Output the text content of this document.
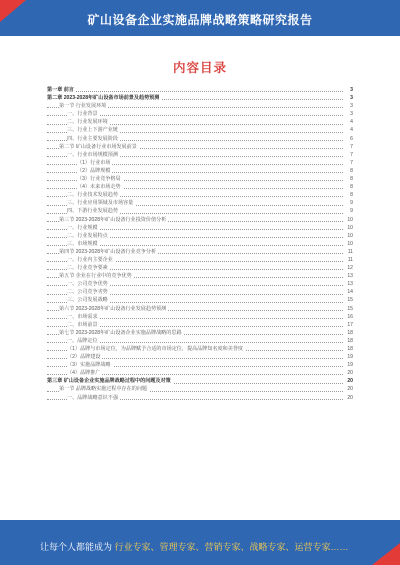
矿山设备企业实施品牌战略策略研究报告
内容目录
第一章 前言	3
第二章 2023-2028年矿山设备市场前景及趋势预测	3
第一节 行业发展环境	3
一、行业背景	3
二、行业发展环境	4
三、行业上下游产业链	4
四、行业主要发展阶段	6
第二节 矿山设备行业市场发展前景	7
一、行业市场规模预测	7
（1）行业市场	7
（2）品牌规模	8
（3）行业竞争格局	8
（4）未来市场走势	8
二、行业技术发展趋势	8
三、行业应用领域及市场容量	9
四、下游行业发展趋势	9
第三节 2023-2028年矿山设备行业投资价值分析	10
一、行业规模	10
二、行业发展特点	10
三、市场规模	10
第四节 2023-2028年矿山设备行业竞争分析	11
一、行业内主要企业	11
二、行业竞争要素	12
第五节 企业在行业中的竞争优势	13
一、公司竞争优势	13
二、公司竞争劣势	14
三、公司发展战略	15
第六节 2023-2028年矿山设备行业发展趋势预测	15
一、市场需求	16
二、市场前景	17
第七节 2023-2028年矿山设备企业实施品牌战略的思路	18
一、品牌定位	18
（1）品牌与市场定位，为品牌赋予合适的市场定位，提高品牌知名度和美誉度	18
（2）品牌建设	19
（3）实施品牌战略	19
（4）品牌推广	20
第三章 矿山设备企业实施品牌战略过程中的问题及对策	20
第一节 品牌战略实施过程中存在的问题	20
一、品牌战略意识不强	20
让每个人都能成为 行业专家、管理专家、营销专家、战略专家、运营专家……
